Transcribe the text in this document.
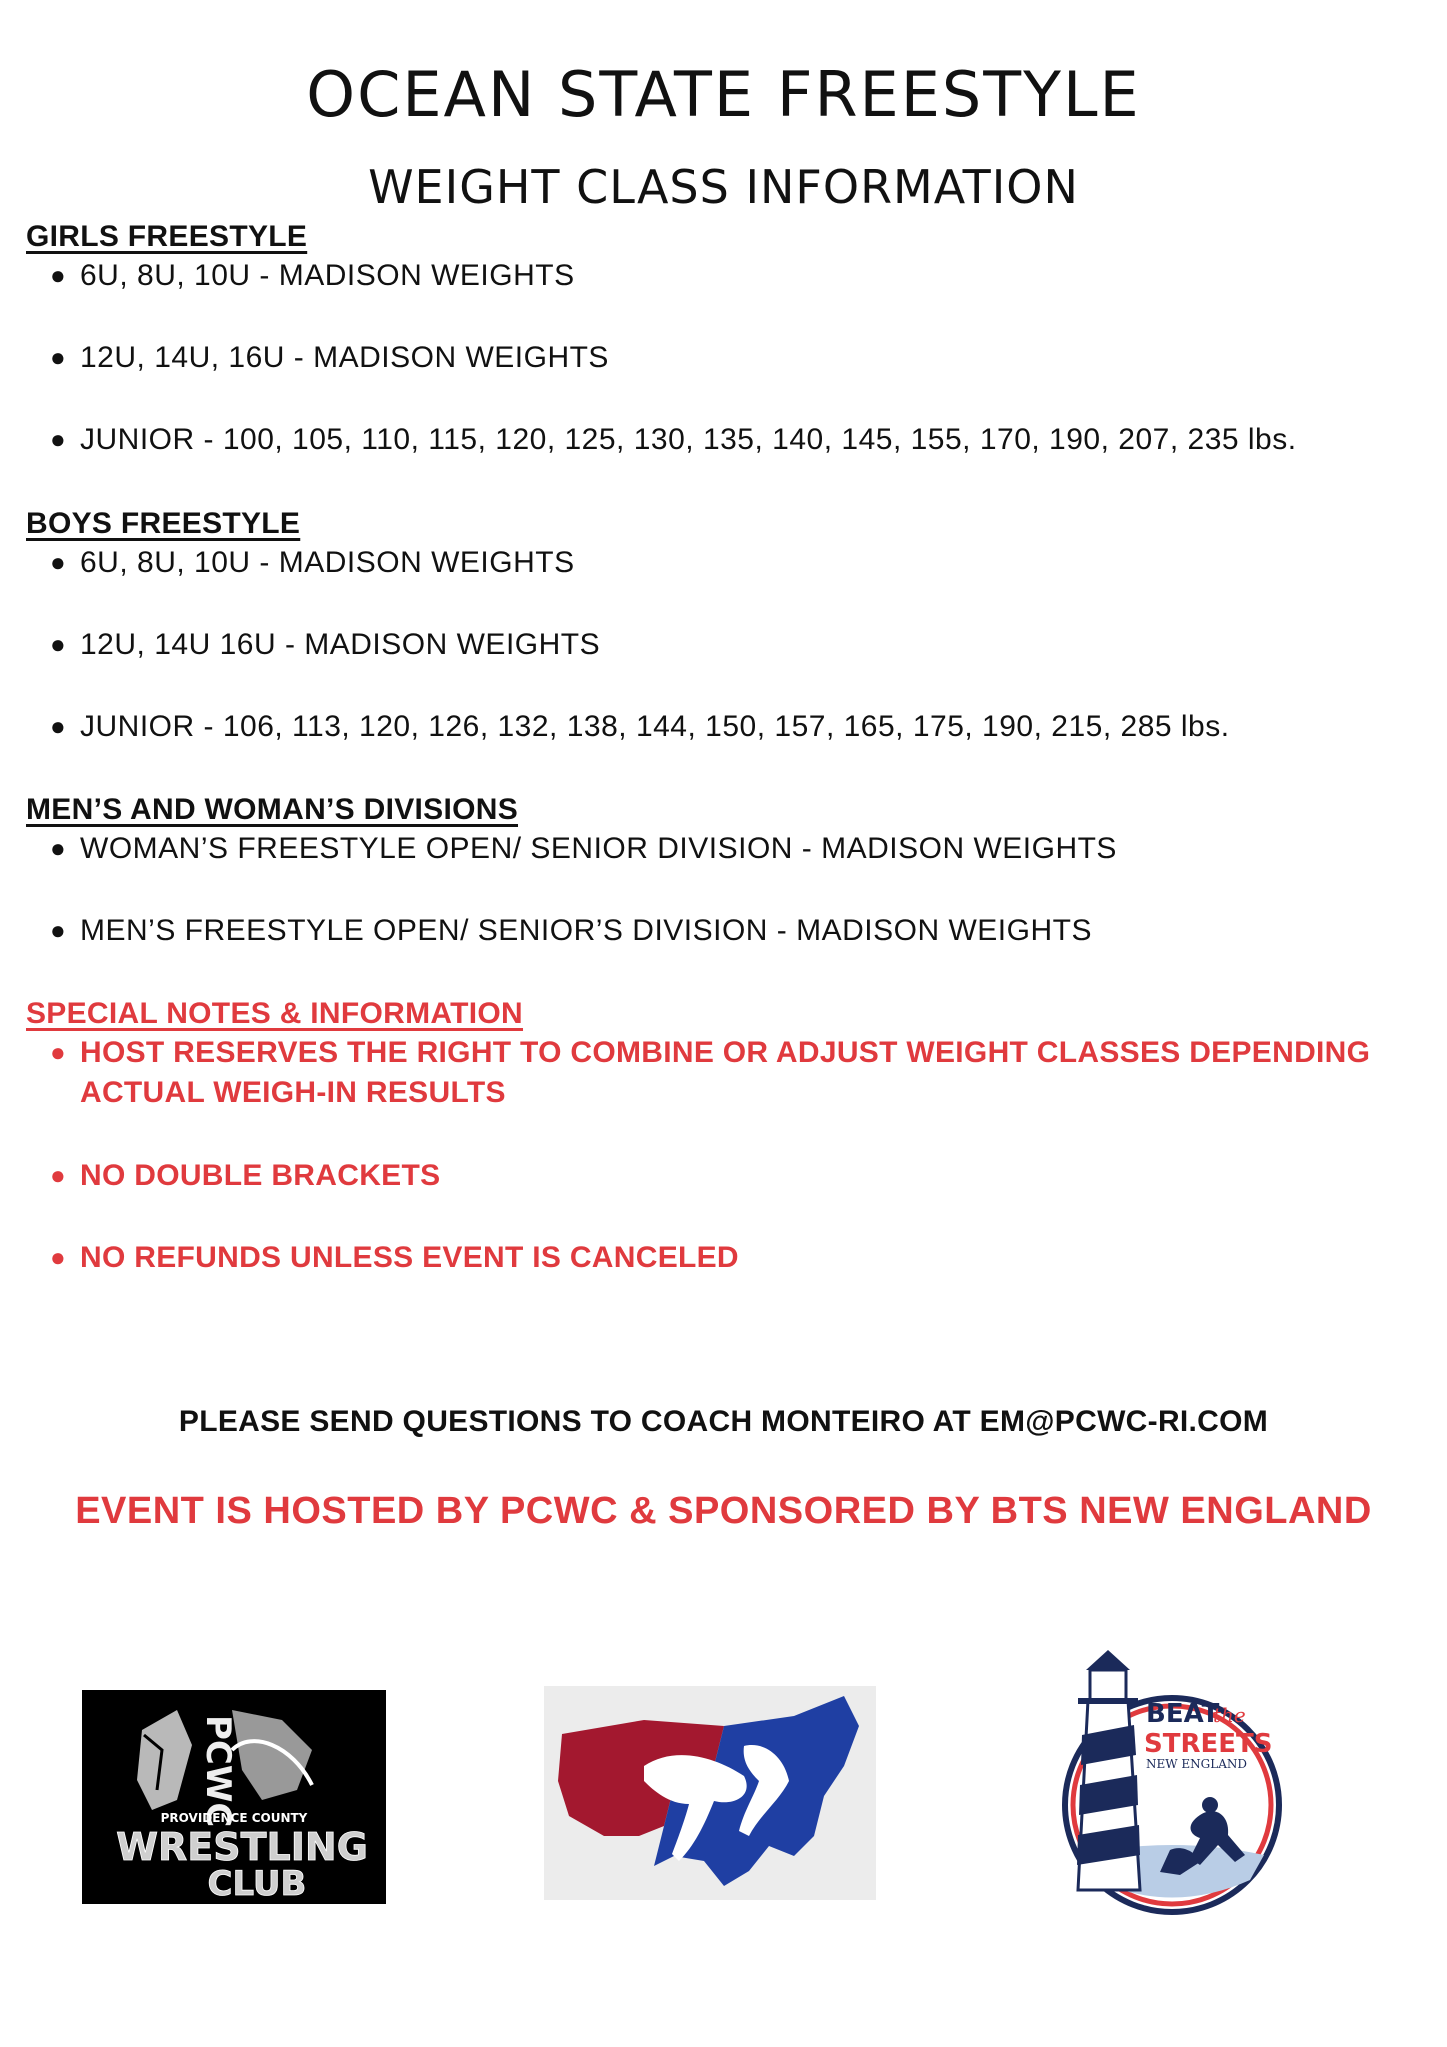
OCEAN STATE FREESTYLE
WEIGHT CLASS INFORMATION
GIRLS FREESTYLE
● 6U, 8U, 10U - MADISON WEIGHTS
● 12U, 14U, 16U - MADISON WEIGHTS
● JUNIOR - 100, 105, 110, 115, 120, 125, 130, 135, 140, 145, 155, 170, 190, 207, 235 lbs.
BOYS FREESTYLE
● 6U, 8U, 10U - MADISON WEIGHTS
● 12U, 14U 16U - MADISON WEIGHTS
● JUNIOR - 106, 113, 120, 126, 132, 138, 144, 150, 157, 165, 175, 190, 215, 285 lbs.
MEN’S AND WOMAN’S DIVISIONS
● WOMAN’S FREESTYLE OPEN/ SENIOR DIVISION - MADISON WEIGHTS
● MEN’S FREESTYLE OPEN/ SENIOR’S DIVISION - MADISON WEIGHTS
SPECIAL NOTES & INFORMATION
● HOST RESERVES THE RIGHT TO COMBINE OR ADJUST WEIGHT CLASSES DEPENDING ACTUAL WEIGH-IN RESULTS
● NO DOUBLE BRACKETS
● NO REFUNDS UNLESS EVENT IS CANCELED
PLEASE SEND QUESTIONS TO COACH MONTEIRO AT EM@PCWC-RI.COM
EVENT IS HOSTED BY PCWC & SPONSORED BY BTS NEW ENGLAND
PCWC
PROVIDENCE COUNTY
WRESTLING
CLUB
BEAT
the
STREETS
NEW ENGLAND
